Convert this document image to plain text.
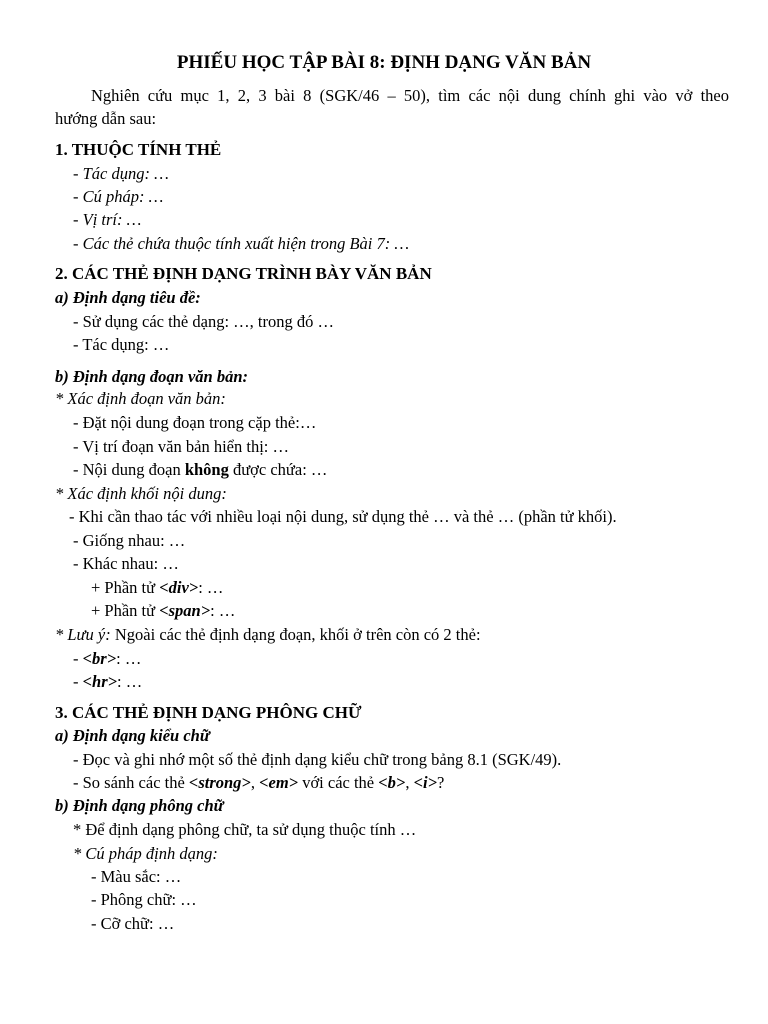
PHIẾU HỌC TẬP BÀI 8: ĐỊNH DẠNG VĂN BẢN
Nghiên cứu mục 1, 2, 3 bài 8 (SGK/46 – 50), tìm các nội dung chính ghi vào vở theo
hướng dẫn sau:
1. THUỘC TÍNH THẺ
- Tác dụng: …
- Cú pháp: …
- Vị trí: …
- Các thẻ chứa thuộc tính xuất hiện trong Bài 7: …
2. CÁC THẺ ĐỊNH DẠNG TRÌNH BÀY VĂN BẢN
a) Định dạng tiêu đề:
- Sử dụng các thẻ dạng: …, trong đó …
- Tác dụng: …
b) Định dạng đoạn văn bản:
* Xác định đoạn văn bản:
- Đặt nội dung đoạn trong cặp thẻ:…
- Vị trí đoạn văn bản hiển thị: …
- Nội dung đoạn không được chứa: …
* Xác định khối nội dung:
- Khi cần thao tác với nhiều loại nội dung, sử dụng thẻ … và thẻ … (phần tử khối).
- Giống nhau: …
- Khác nhau: …
+ Phần tử <div>: …
+ Phần tử <span>: …
* Lưu ý: Ngoài các thẻ định dạng đoạn, khối ở trên còn có 2 thẻ:
- <br>: …
- <hr>: …
3. CÁC THẺ ĐỊNH DẠNG PHÔNG CHỮ
a) Định dạng kiểu chữ
- Đọc và ghi nhớ một số thẻ định dạng kiểu chữ trong bảng 8.1 (SGK/49).
- So sánh các thẻ <strong>, <em> với các thẻ <b>, <i>?
b) Định dạng phông chữ
* Để định dạng phông chữ, ta sử dụng thuộc tính …
* Cú pháp định dạng:
- Màu sắc: …
- Phông chữ: …
- Cỡ chữ: …
